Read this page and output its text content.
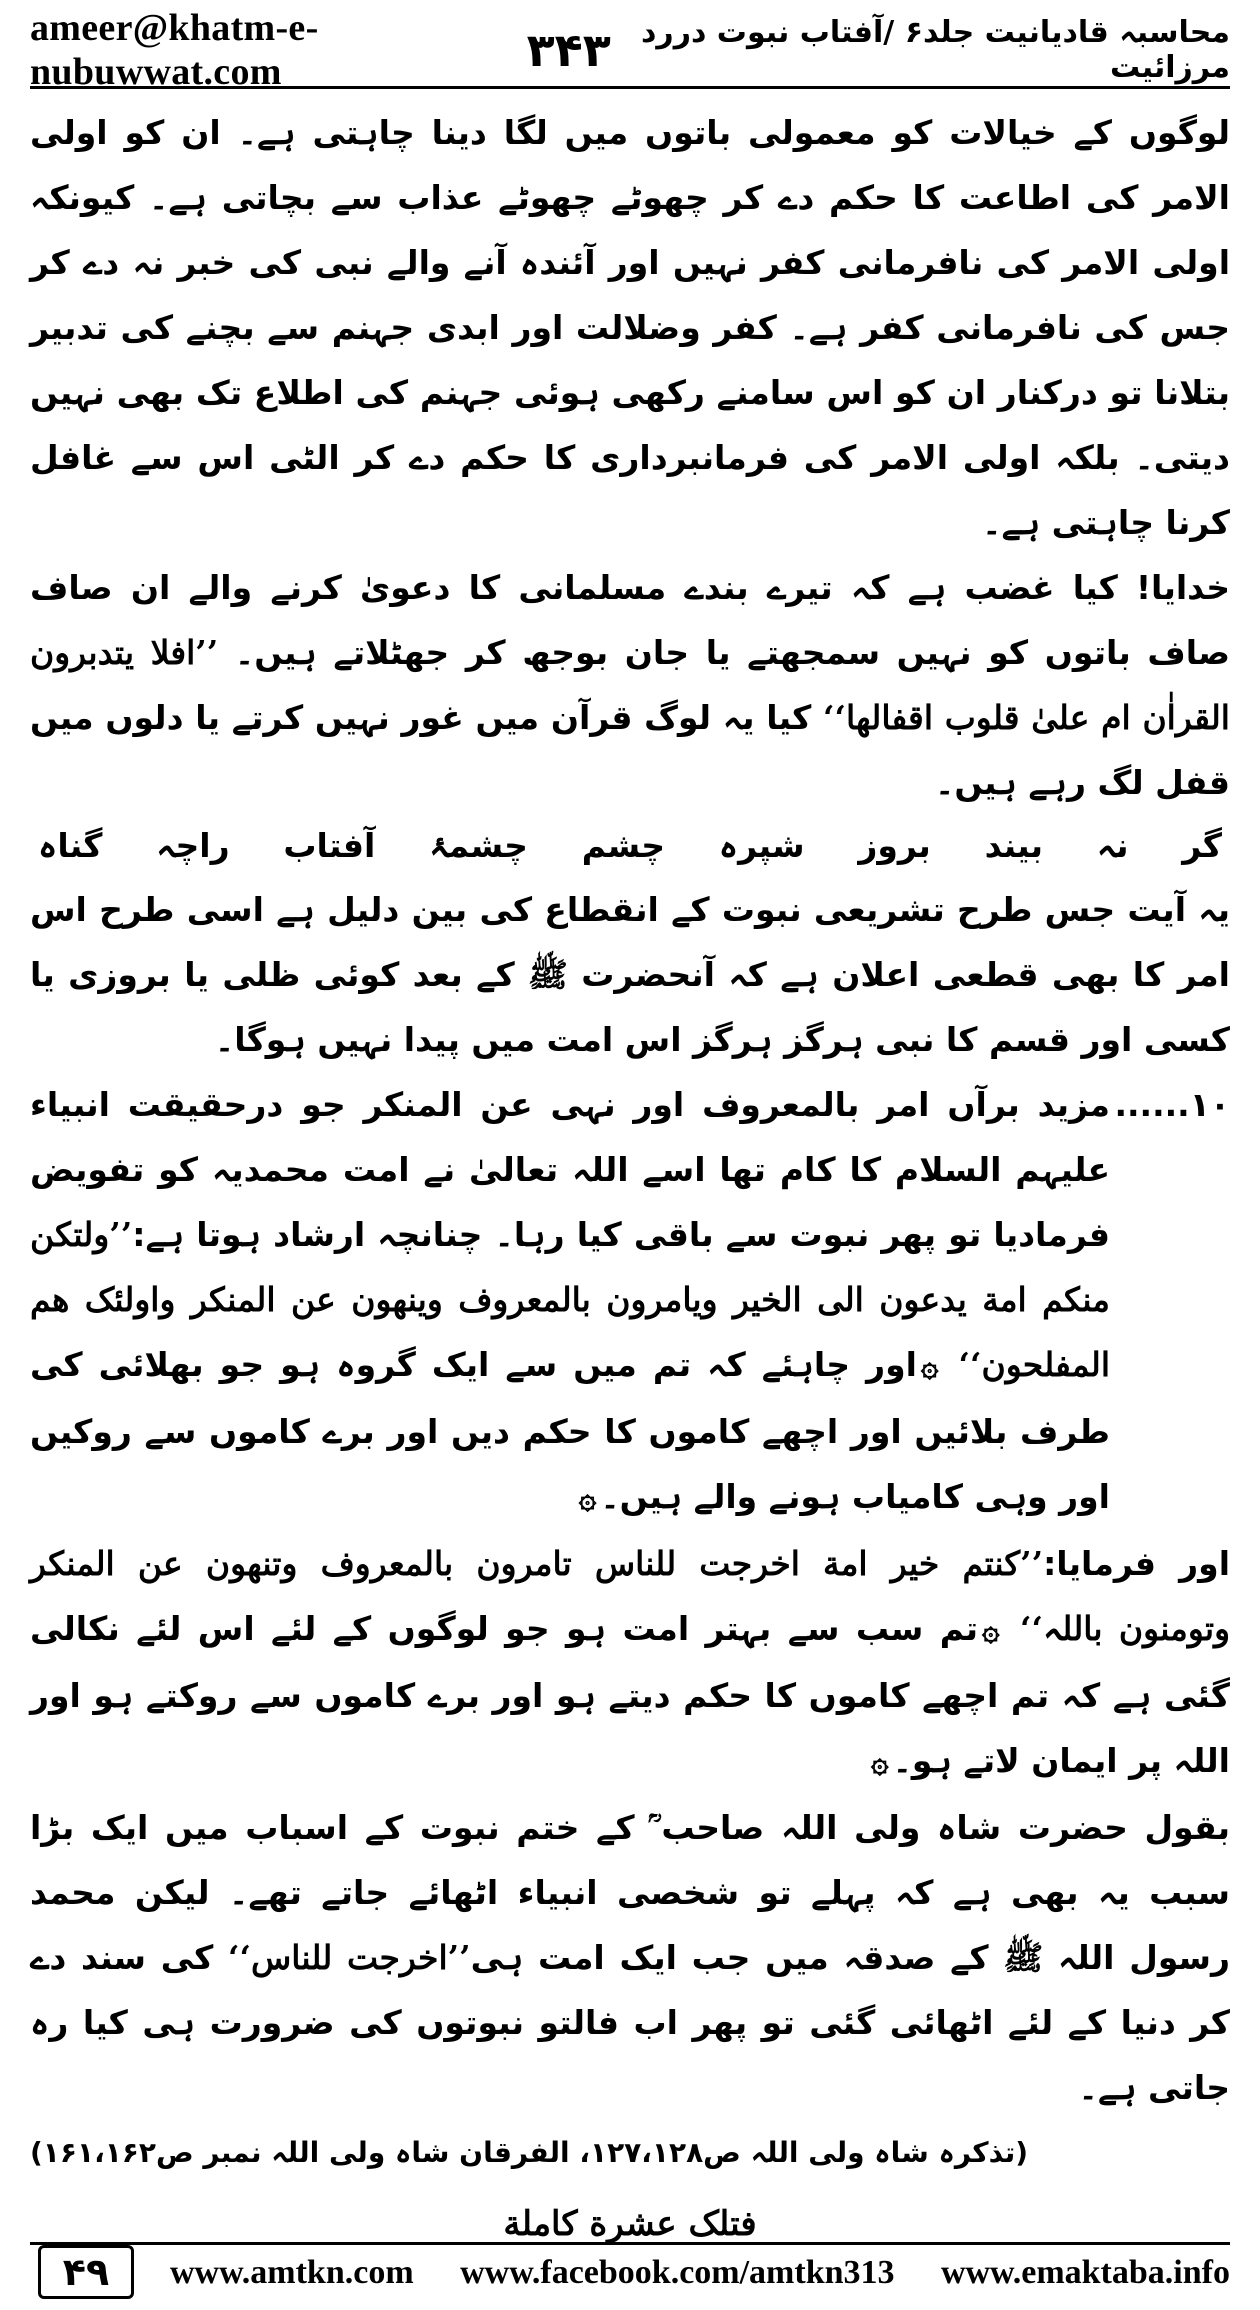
ameer@khatm-e-nubuwwat.com
محاسبہ قادیانیت جلد۶ /آفتاب نبوت دررد مرزائیت
۳۴۳

لوگوں کے خیالات کو معمولی باتوں میں لگا دینا چاہتی ہے۔ ان کو اولی الامر کی اطاعت کا حکم دے کر چھوٹے چھوٹے عذاب سے بچاتی ہے۔ کیونکہ اولی الامر کی نافرمانی کفر نہیں اور آئندہ آنے والے نبی کی خبر نہ دے کر جس کی نافرمانی کفر ہے۔ کفر وضلالت اور ابدی جہنم سے بچنے کی تدبیر بتلانا تو درکنار ان کو اس سامنے رکھی ہوئی جہنم کی اطلاع تک بھی نہیں دیتی۔ بلکہ اولی الامر کی فرمانبرداری کا حکم دے کر الٹی اس سے غافل کرنا چاہتی ہے۔

خدایا! کیا غضب ہے کہ تیرے بندے مسلمانی کا دعویٰ کرنے والے ان صاف صاف باتوں کو نہیں سمجھتے یا جان بوجھ کر جھٹلاتے ہیں۔ ’’افلا یتدبرون القراٰن ام علیٰ قلوب اقفالھا‘‘ کیا یہ لوگ قرآن میں غور نہیں کرتے یا دلوں میں قفل لگ رہے ہیں۔

گر
نہ
بیند
بروز
شپرہ
چشم
چشمۂ
آفتاب
راچہ
گناہ

یہ آیت جس طرح تشریعی نبوت کے انقطاع کی بین دلیل ہے اسی طرح اس امر کا بھی قطعی اعلان ہے کہ آنحضرت ﷺ کے بعد کوئی ظلی یا بروزی یا کسی اور قسم کا نبی ہرگز ہرگز اس امت میں پیدا نہیں ہوگا۔

۱۰......

مزید برآں امر بالمعروف اور نہی عن المنکر جو درحقیقت انبیاء علیہم السلام کا کام تھا اسے اللہ تعالیٰ نے امت محمدیہ کو تفویض فرمادیا تو پھر نبوت سے باقی کیا رہا۔ چنانچہ ارشاد ہوتا ہے:’’ولتکن منکم امة یدعون الی الخیر ویامرون بالمعروف وینھون عن المنکر واولئک ھم المفلحون‘‘ ۞اور چاہئے کہ تم میں سے ایک گروہ ہو جو بھلائی کی طرف بلائیں اور اچھے کاموں کا حکم دیں اور برے کاموں سے روکیں اور وہی کامیاب ہونے والے ہیں۔۞

اور فرمایا:’’کنتم خیر امة اخرجت للناس تامرون بالمعروف وتنھون عن المنکر وتومنون باللہ‘‘ ۞تم سب سے بہتر امت ہو جو لوگوں کے لئے اس لئے نکالی گئی ہے کہ تم اچھے کاموں کا حکم دیتے ہو اور برے کاموں سے روکتے ہو اور اللہ پر ایمان لاتے ہو۔۞

بقول حضرت شاہ ولی اللہ صاحب ؒ کے ختم نبوت کے اسباب میں ایک بڑا سبب یہ بھی ہے کہ پہلے تو شخصی انبیاء اٹھائے جاتے تھے۔ لیکن محمد رسول اللہ ﷺ کے صدقہ میں جب ایک امت ہی’’اخرجت للناس‘‘ کی سند دے کر دنیا کے لئے اٹھائی گئی تو پھر اب فالتو نبوتوں کی ضرورت ہی کیا رہ جاتی ہے۔

(تذکرہ شاہ ولی اللہ ص۱۲۷،۱۲۸، الفرقان شاہ ولی اللہ نمبر ص۱۶۱،۱۶۲)
فتلک عشرة کاملة
۴۹	www.amtkn.com www.facebook.com/amtkn313 www.emaktaba.info
